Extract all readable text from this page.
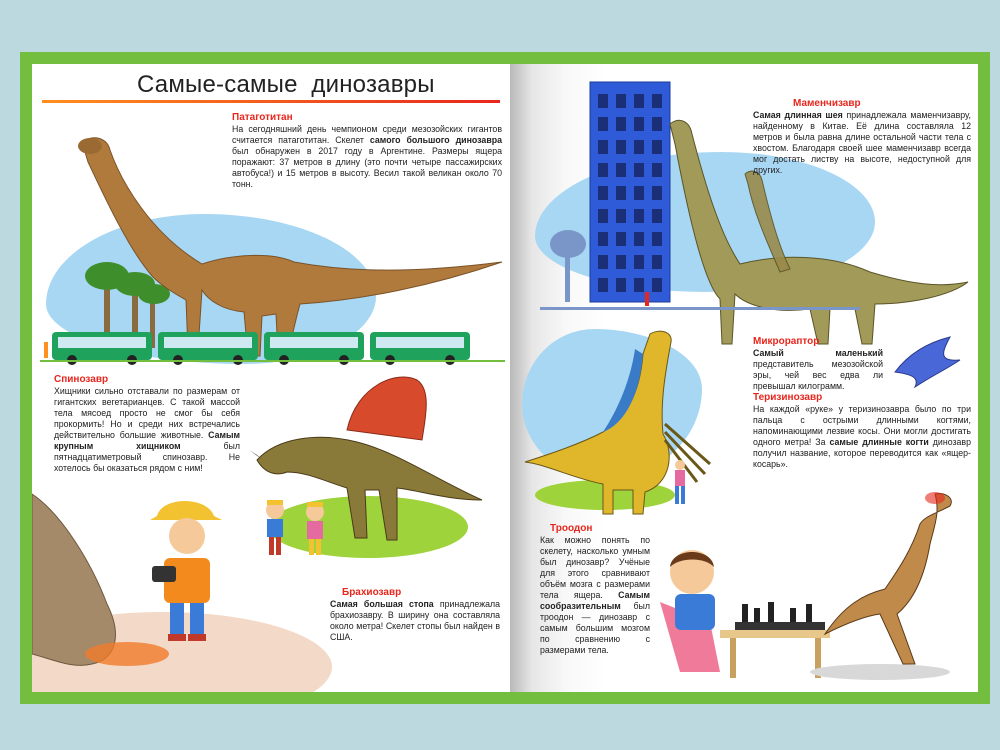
Самые-самые  динозавры
Патаготитан
На сегодняшний день чемпионом среди мезозойских гигантов считается патаготитан. Скелет самого большого динозавра был обнаружен в 2017 году в Аргентине. Размеры ящера поражают: 37 метров в длину (это почти четыре пассажирских автобуса!) и 15 метров в высоту. Весил такой великан около 70 тонн.
Спинозавр
Хищники сильно отставали по размерам от гигантских вегетарианцев. С такой массой тела мясоед просто не смог бы себя прокормить! Но и среди них встречались действительно большие животные. Самым крупным хищником был пятнадцатиметровый спинозавр. Не хотелось бы оказаться рядом с ним!
Брахиозавр
Самая большая стопа принадлежала брахиозавру. В ширину она составляла около метра! Скелет стопы был найден в США.
Маменчизавр
Самая длинная шея принадлежала маменчизавру, найденному в Китае. Её длина составляла 12 метров и была равна длине остальной части тела с хвостом. Благодаря своей шее маменчизавр всегда мог достать листву на высоте, недоступной для других.
Микрораптор
Самый маленький представитель мезозойской эры, чей вес едва ли превышал килограмм.
Теризинозавр
На каждой «руке» у теризинозавра было по три пальца с острыми длинными когтями, напоминающими лезвие косы. Они могли достигать одного метра! За самые длинные когти динозавр получил название, которое переводится как «ящер-косарь».
Троодон
Как можно понять по скелету, насколько умным был динозавр? Учёные для этого сравнивают объём мозга с размерами тела ящера. Самым сообразительным был троодон — динозавр с самым большим мозгом по сравнению с размерами тела.
